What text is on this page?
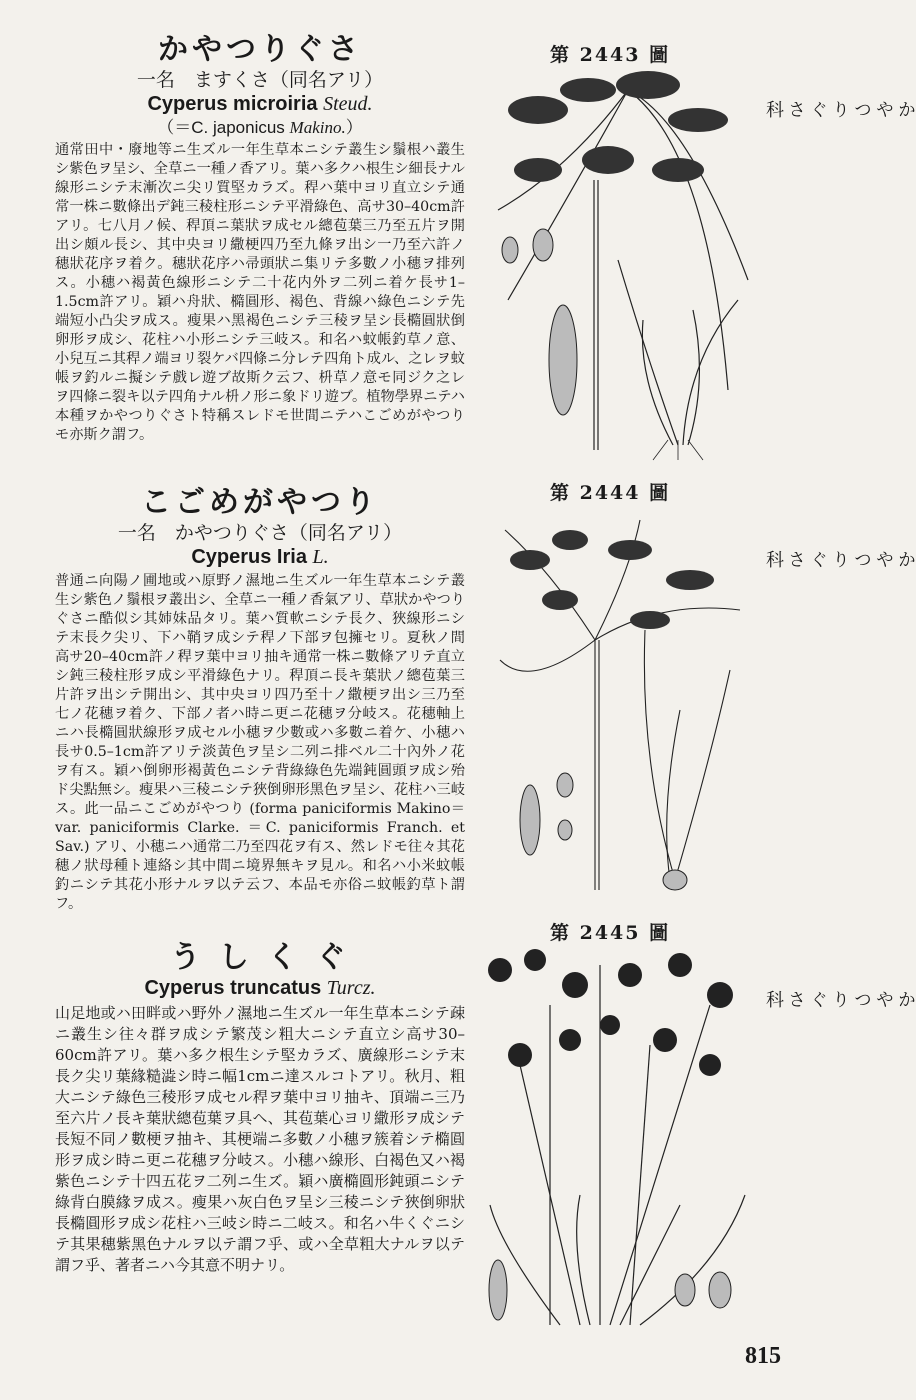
かやつりぐさ
一名　ますくさ（同名アリ）
Cyperus microiria Steud.
（＝C. japonicus Makino.）
通常田中・廢地等ニ生ズル一年生草本ニシテ叢生シ鬚根ハ叢生シ紫色ヲ呈シ、全草ニ一種ノ香アリ。葉ハ多クハ根生シ細長ナル線形ニシテ末漸次ニ尖リ質堅カラズ。稈ハ葉中ヨリ直立シテ通常一株ニ數條出デ鈍三稜柱形ニシテ平滑綠色、高サ30–40cm許アリ。七八月ノ候、稈頂ニ葉狀ヲ成セル總苞葉三乃至五片ヲ開出シ頗ル長シ、其中央ヨリ繖梗四乃至九條ヲ出シ一乃至六許ノ穗狀花序ヲ着ク。穗狀花序ハ帚頭狀ニ集リテ多數ノ小穗ヲ排列ス。小穗ハ褐黃色線形ニシテ二十花内外ヲ二列ニ着ケ長サ1–1.5cm許アリ。穎ハ舟狀、橢圓形、褐色、背線ハ綠色ニシテ先端短小凸尖ヲ成ス。瘦果ハ黑褐色ニシテ三稜ヲ呈シ長橢圓狀倒卵形ヲ成シ、花柱ハ小形ニシテ三岐ス。和名ハ蚊帳釣草ノ意、小兒互ニ其稈ノ端ヨリ裂ケバ四條ニ分レテ四角ト成ル、之レヲ蚊帳ヲ釣ルニ擬シテ戲レ遊ブ故斯ク云フ、枡草ノ意モ同ジク之レヲ四條ニ裂キ以テ四角ナル枡ノ形ニ象ドリ遊ブ。植物學界ニテハ本種ヲかやつりぐさト特稱スレドモ世間ニテハこごめがやつりモ亦斯ク謂フ。
第 2443 圖
かやつりぐさ科
こごめがやつり
一名　かやつりぐさ（同名アリ）
Cyperus Iria L.
普通ニ向陽ノ圃地或ハ原野ノ濕地ニ生ズル一年生草本ニシテ叢生シ紫色ノ鬚根ヲ叢出シ、全草ニ一種ノ香氣アリ、草狀かやつりぐさニ酷似シ其姉妹品タリ。葉ハ質軟ニシテ長ク、狹線形ニシテ末長ク尖リ、下ハ鞘ヲ成シテ稈ノ下部ヲ包擁セリ。夏秋ノ間高サ20–40cm許ノ稈ヲ葉中ヨリ抽キ通常一株ニ數條アリテ直立シ鈍三稜柱形ヲ成シ平滑綠色ナリ。稈頂ニ長キ葉狀ノ總苞葉三片許ヲ出シテ開出シ、其中央ヨリ四乃至十ノ繖梗ヲ出シ三乃至七ノ花穗ヲ着ク、下部ノ者ハ時ニ更ニ花穗ヲ分岐ス。花穗軸上ニハ長橢圓狀線形ヲ成セル小穗ヲ少數或ハ多數ニ着ケ、小穗ハ長サ0.5–1cm許アリテ淡黃色ヲ呈シ二列ニ排ベル二十內外ノ花ヲ有ス。穎ハ倒卵形褐黃色ニシテ背綠綠色先端鈍圓頭ヲ成シ殆ド尖點無シ。瘦果ハ三稜ニシテ狹倒卵形黑色ヲ呈シ、花柱ハ三岐ス。此一品ニこごめがやつり (forma paniciformis Makino＝var. paniciformis Clarke. ＝C. paniciformis Franch. et Sav.) アリ、小穗ニハ通常二乃至四花ヲ有ス、然レドモ往々其花穗ノ狀母種ト連絡シ其中間ニ境界無キヲ見ル。和名ハ小米蚊帳釣ニシテ其花小形ナルヲ以テ云フ、本品モ亦俗ニ蚊帳釣草ト謂フ。
第 2444 圖
かやつりぐさ科
う し く ぐ
Cyperus truncatus Turcz.
山足地或ハ田畔或ハ野外ノ濕地ニ生ズル一年生草本ニシテ疎ニ叢生シ往々群ヲ成シテ繁茂シ粗大ニシテ直立シ高サ30–60cm許アリ。葉ハ多ク根生シテ堅カラズ、廣線形ニシテ末長ク尖リ葉緣糙澁シ時ニ幅1cmニ達スルコトアリ。秋月、粗大ニシテ綠色三稜形ヲ成セル稈ヲ葉中ヨリ抽キ、頂端ニ三乃至六片ノ長キ葉狀總苞葉ヲ具ヘ、其苞葉心ヨリ繖形ヲ成シテ長短不同ノ數梗ヲ抽キ、其梗端ニ多數ノ小穗ヲ簇着シテ橢圓形ヲ成シ時ニ更ニ花穗ヲ分岐ス。小穗ハ線形、白褐色又ハ褐紫色ニシテ十四五花ヲ二列ニ生ズ。穎ハ廣橢圓形鈍頭ニシテ綠背白膜緣ヲ成ス。瘦果ハ灰白色ヲ呈シ三稜ニシテ狹倒卵狀長橢圓形ヲ成シ花柱ハ三岐シ時ニ二岐ス。和名ハ牛くぐニシテ其果穗紫黑色ナルヲ以テ謂フ乎、或ハ全草粗大ナルヲ以テ謂フ乎、著者ニハ今其意不明ナリ。
第 2445 圖
かやつりぐさ科
815
